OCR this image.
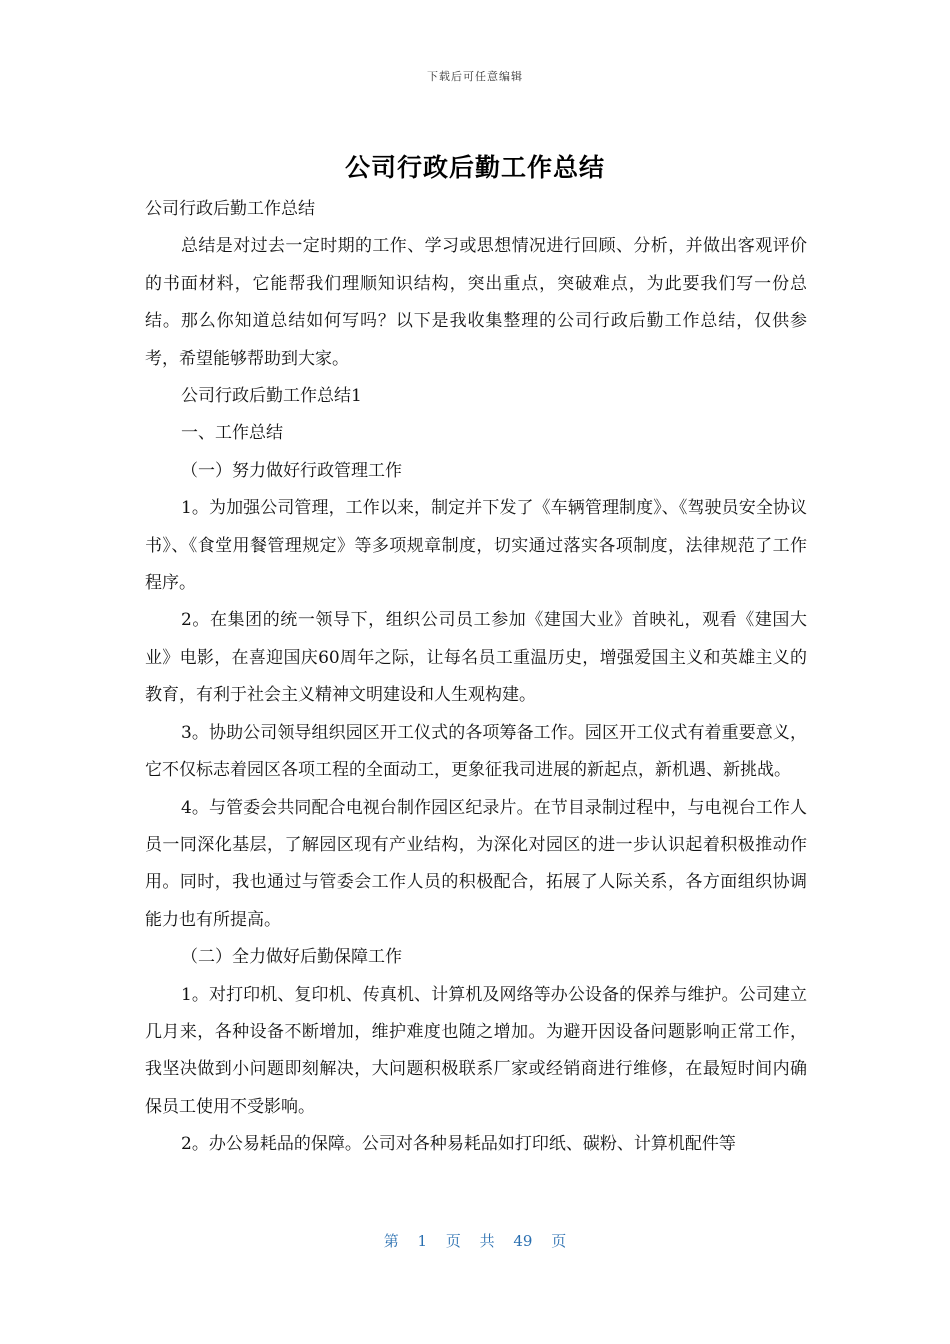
下载后可任意编辑
公司行政后勤工作总结

公司行政后勤工作总结

总结是对过去一定时期的工作、学习或思想情况进行回顾、分析，并做出客观评价的书面材料，它能帮我们理顺知识结构，突出重点，突破难点，为此要我们写一份总结。那么你知道总结如何写吗？以下是我收集整理的公司行政后勤工作总结，仅供参考，希望能够帮助到大家。

公司行政后勤工作总结1

一、工作总结

（一）努力做好行政管理工作

1。为加强公司管理，工作以来，制定并下发了《车辆管理制度》、《驾驶员安全协议书》、《食堂用餐管理规定》等多项规章制度，切实通过落实各项制度，法律规范了工作程序。

2。在集团的统一领导下，组织公司员工参加《建国大业》首映礼，观看《建国大业》电影，在喜迎国庆60周年之际，让每名员工重温历史，增强爱国主义和英雄主义的教育，有利于社会主义精神文明建设和人生观构建。

3。协助公司领导组织园区开工仪式的各项筹备工作。园区开工仪式有着重要意义，它不仅标志着园区各项工程的全面动工，更象征我司进展的新起点，新机遇、新挑战。

4。与管委会共同配合电视台制作园区纪录片。在节目录制过程中，与电视台工作人员一同深化基层，了解园区现有产业结构，为深化对园区的进一步认识起着积极推动作用。同时，我也通过与管委会工作人员的积极配合，拓展了人际关系，各方面组织协调能力也有所提高。

（二）全力做好后勤保障工作

1。对打印机、复印机、传真机、计算机及网络等办公设备的保养与维护。公司建立几月来，各种设备不断增加，维护难度也随之增加。为避开因设备问题影响正常工作，我坚决做到小问题即刻解决，大问题积极联系厂家或经销商进行维修，在最短时间内确保员工使用不受影响。

2。办公易耗品的保障。公司对各种易耗品如打印纸、碳粉、计算机配件等

第 1 页 共 49 页
